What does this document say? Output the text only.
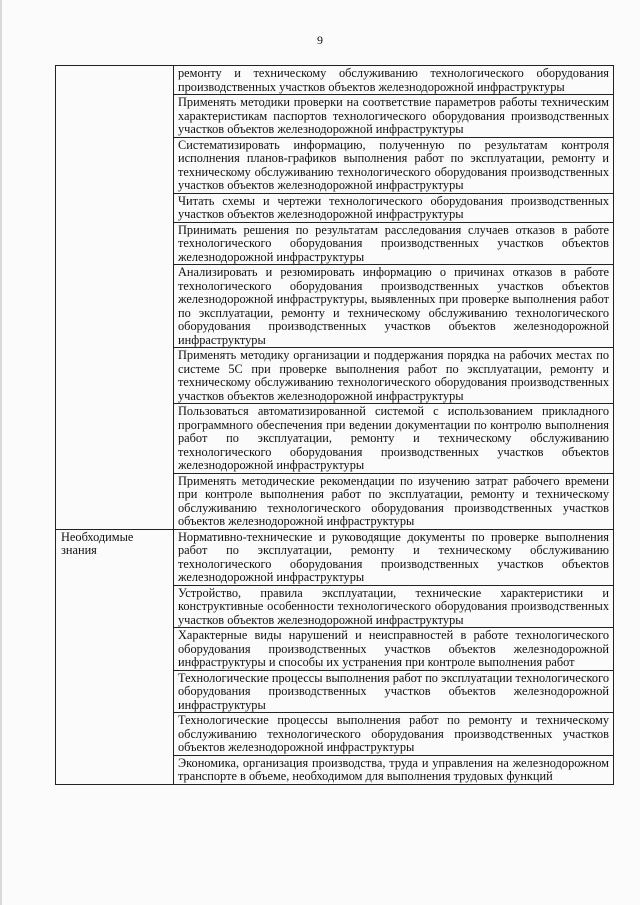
9
	ремонту и техническому обслуживанию технологического оборудования производственных участков объектов железнодорожной инфраструктуры
	Применять методики проверки на соответствие параметров работы техническим характеристикам паспортов технологического оборудования производственных участков объектов железнодорожной инфраструктуры
	Систематизировать информацию, полученную по результатам контроля исполнения планов-графиков выполнения работ по эксплуатации, ремонту и техническому обслуживанию технологического оборудования производственных участков объектов железнодорожной инфраструктуры
	Читать схемы и чертежи технологического оборудования производственных участков объектов железнодорожной инфраструктуры
	Принимать решения по результатам расследования случаев отказов в работе технологического оборудования производственных участков объектов железнодорожной инфраструктуры
	Анализировать и резюмировать информацию о причинах отказов в работе технологического оборудования производственных участков объектов железнодорожной инфраструктуры, выявленных при проверке выполнения работ по эксплуатации, ремонту и техническому обслуживанию технологического оборудования производственных участков объектов железнодорожной инфраструктуры
	Применять методику организации и поддержания порядка на рабочих местах по системе 5С при проверке выполнения работ по эксплуатации, ремонту и техническому обслуживанию технологического оборудования производственных участков объектов железнодорожной инфраструктуры
	Пользоваться автоматизированной системой с использованием прикладного программного обеспечения при ведении документации по контролю выполнения работ по эксплуатации, ремонту и техническому обслуживанию технологического оборудования производственных участков объектов железнодорожной инфраструктуры
	Применять методические рекомендации по изучению затрат рабочего времени при контроле выполнения работ по эксплуатации, ремонту и техническому обслуживанию технологического оборудования производственных участков объектов железнодорожной инфраструктуры
Необходимые знания	Нормативно-технические и руководящие документы по проверке выполнения работ по эксплуатации, ремонту и техническому обслуживанию технологического оборудования производственных участков объектов железнодорожной инфраструктуры
	Устройство, правила эксплуатации, технические характеристики и конструктивные особенности технологического оборудования производственных участков объектов железнодорожной инфраструктуры
	Характерные виды нарушений и неисправностей в работе технологического оборудования производственных участков объектов железнодорожной инфраструктуры и способы их устранения при контроле выполнения работ
	Технологические процессы выполнения работ по эксплуатации технологического оборудования производственных участков объектов железнодорожной инфраструктуры
	Технологические процессы выполнения работ по ремонту и техническому обслуживанию технологического оборудования производственных участков объектов железнодорожной инфраструктуры
	Экономика, организация производства, труда и управления на железнодорожном транспорте в объеме, необходимом для выполнения трудовых функций
